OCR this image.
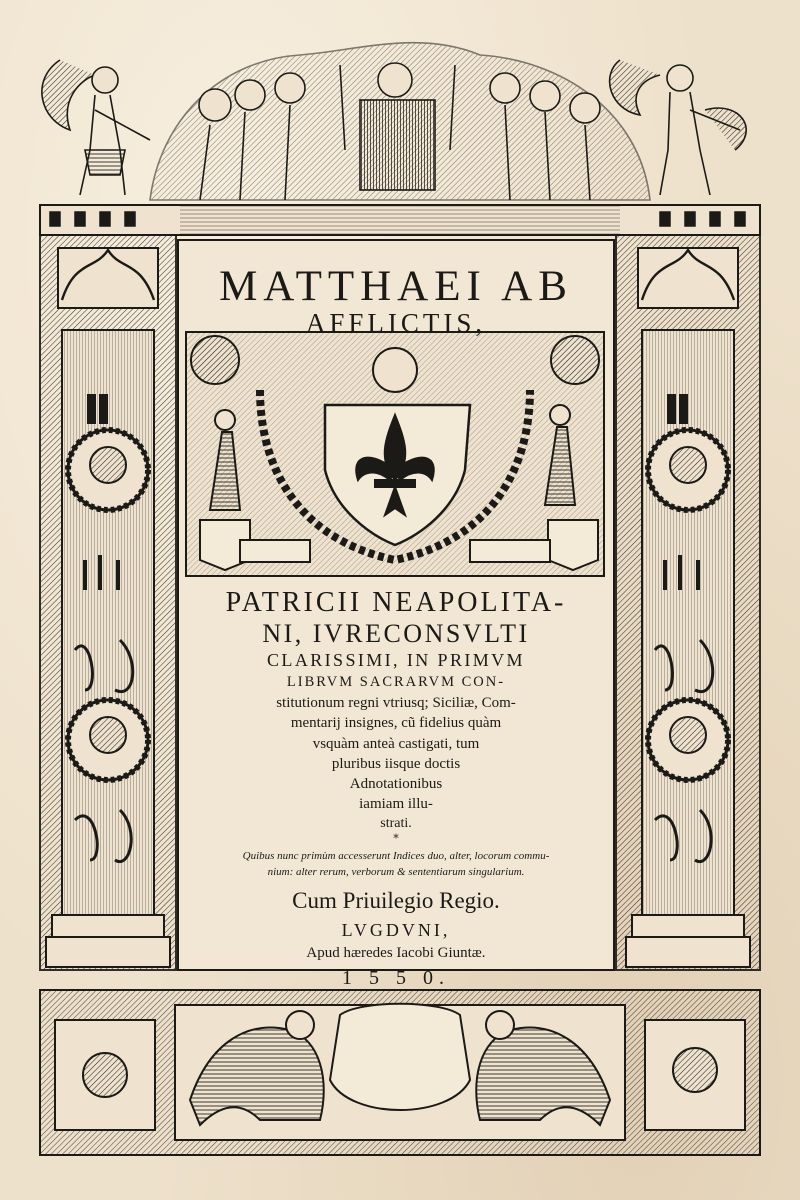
MATTHAEI AB
AFFLICTIS,
PATRICII NEAPOLITA-
NI, IVRECONSVLTI
CLARISSIMI, IN PRIMVM
LIBRVM SACRARVM CON-
stitutionum regni vtriusq; Siciliæ, Com-
mentarij insignes, cũ fidelius quàm
vsquàm anteà castigati, tum
pluribus iisque doctis
Adnotationibus
iamiam illu-
strati.
*
Quibus nunc primùm accesserunt Indices duo, alter, locorum commu-
nium: alter rerum, verborum & sententiarum singularium.
Cum Priuilegio Regio.
LVGDVNI,
Apud hæredes Iacobi Giuntæ.
1 5 5 0.
